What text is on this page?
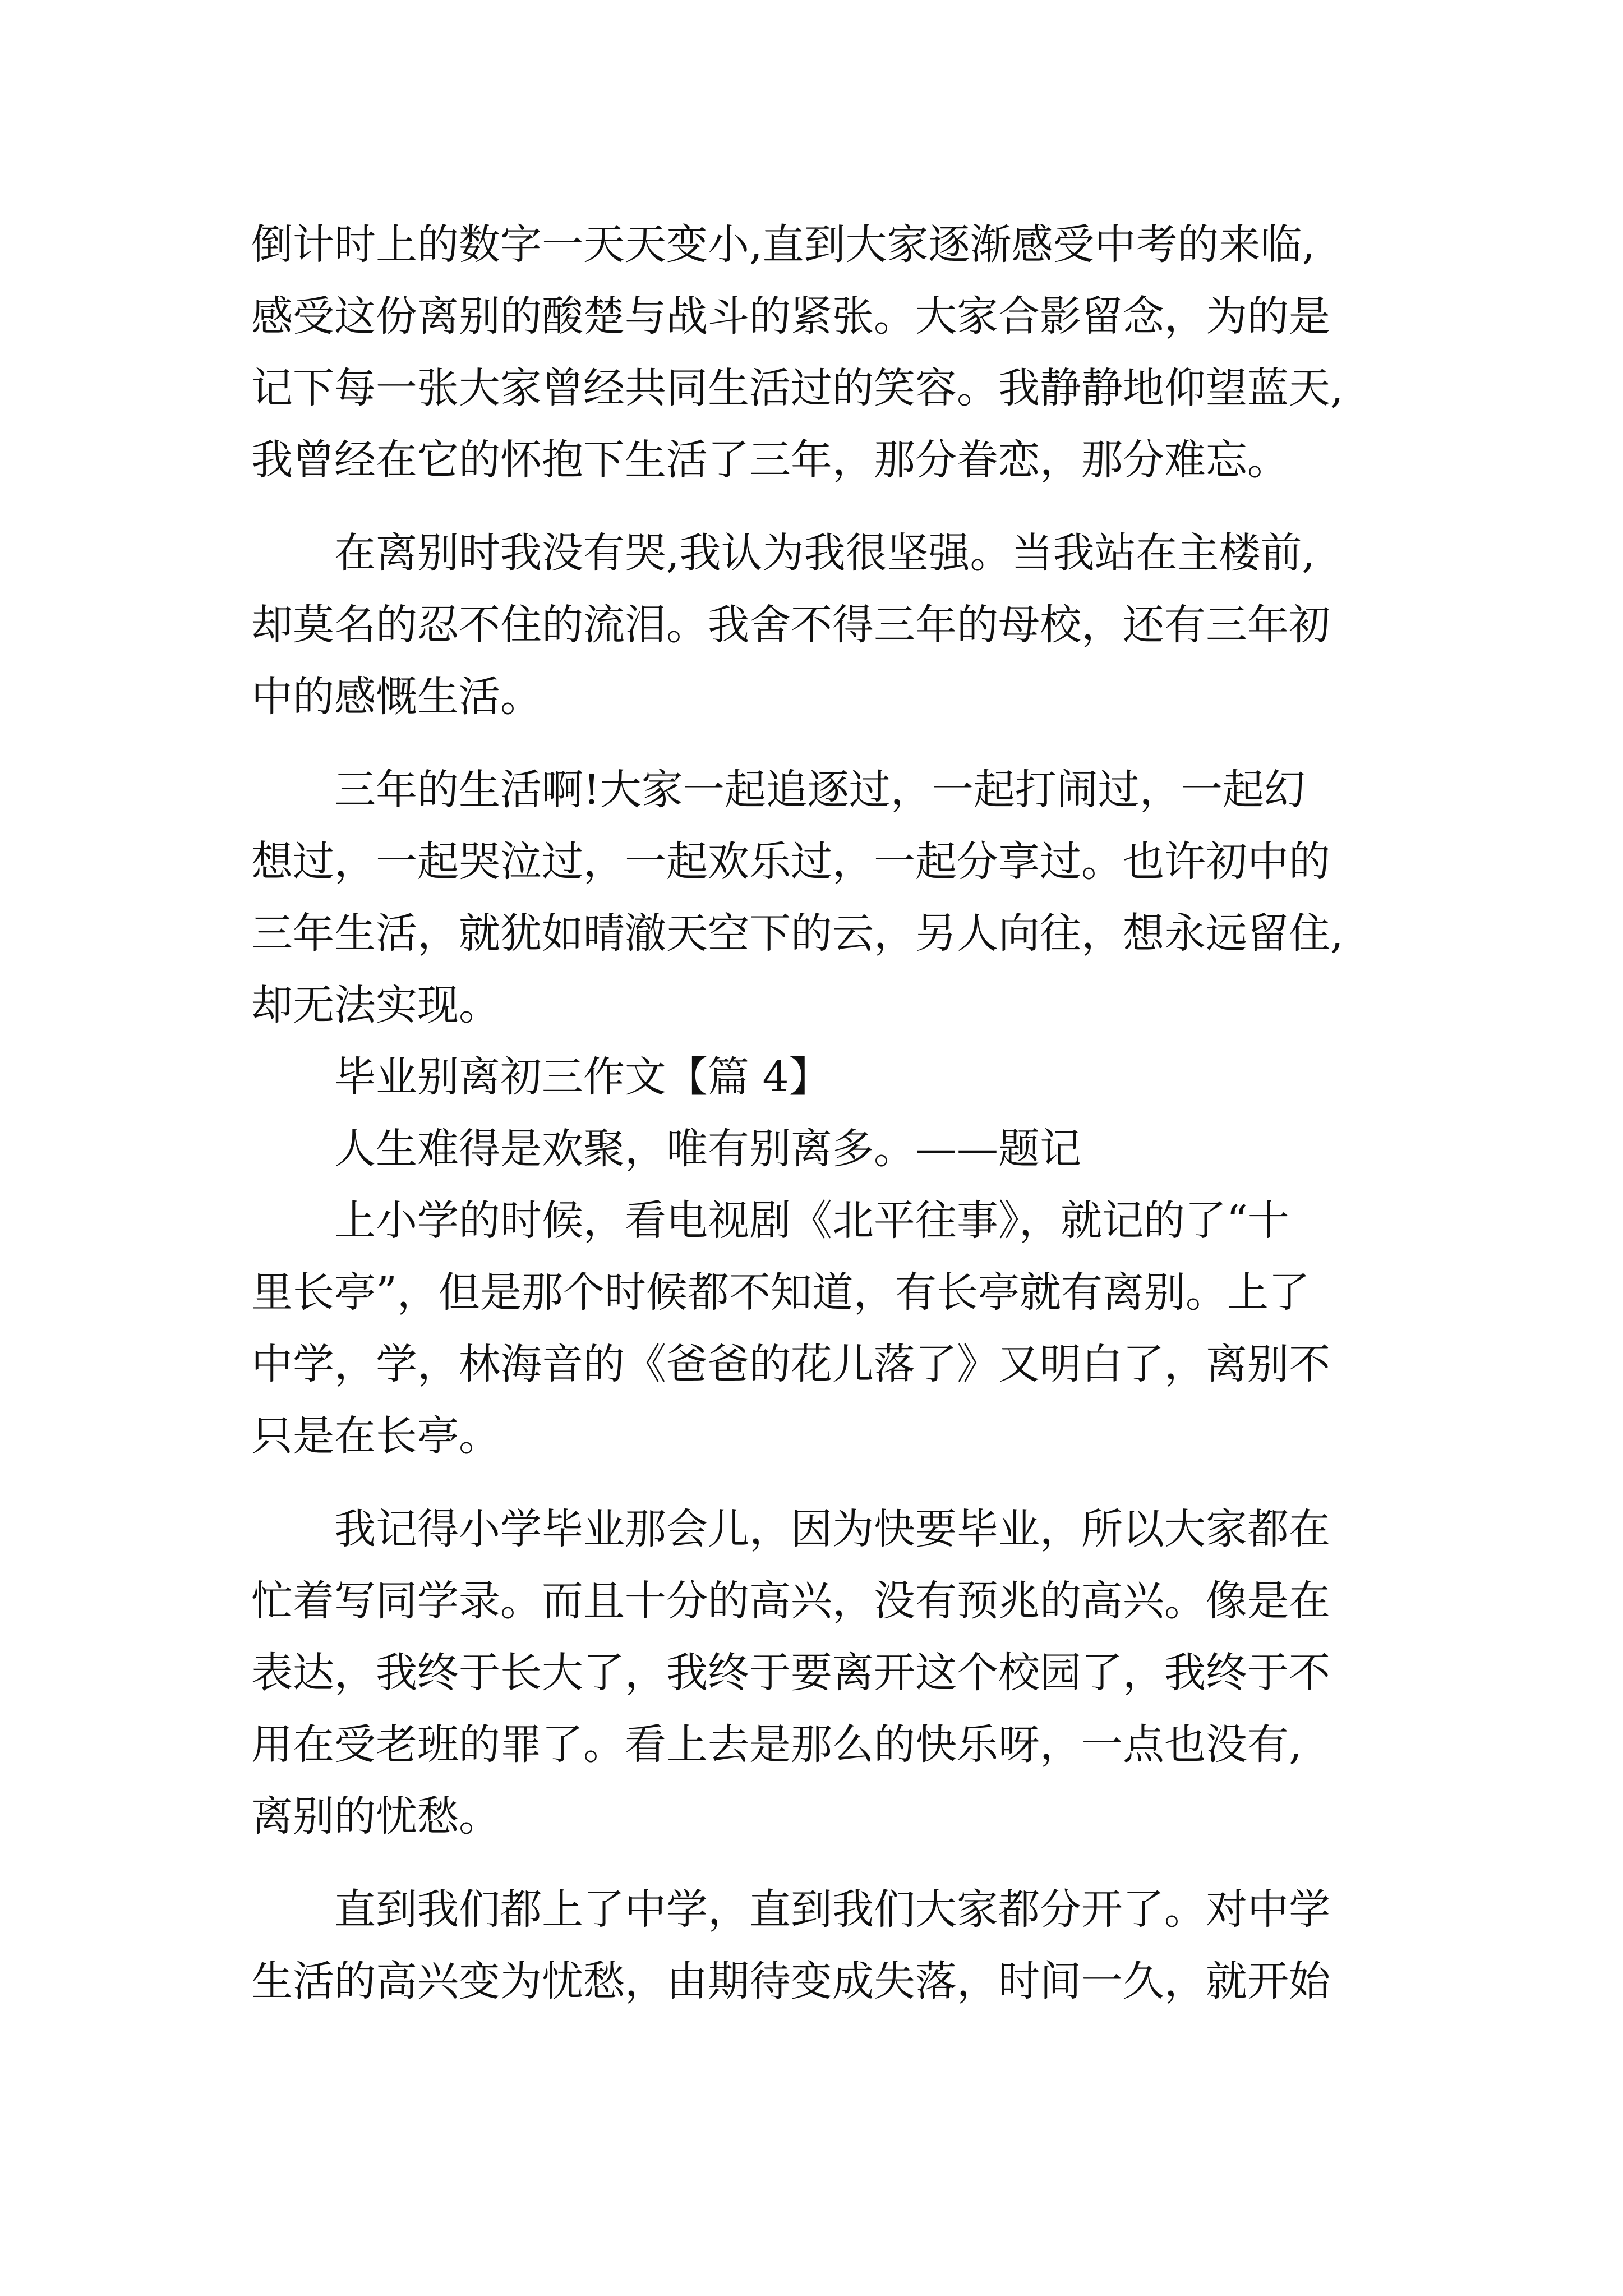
倒计时上的数字一天天变小,直到大家逐渐感受中考的来临,
感受这份离别的酸楚与战斗的紧张。大家合影留念，为的是
记下每一张大家曾经共同生活过的笑容。我静静地仰望蓝天,
我曾经在它的怀抱下生活了三年，那分眷恋，那分难忘。
在离别时我没有哭,我认为我很坚强。当我站在主楼前,
却莫名的忍不住的流泪。我舍不得三年的母校，还有三年初
中的感慨生活。
三年的生活啊!大家一起追逐过，一起打闹过，一起幻
想过，一起哭泣过，一起欢乐过，一起分享过。也许初中的
三年生活，就犹如晴澈天空下的云，另人向往，想永远留住,
却无法实现。
毕业别离初三作文【篇 4】
人生难得是欢聚，唯有别离多。——题记
上小学的时候，看电视剧《北平往事》，就记的了“十
里长亭”，但是那个时候都不知道，有长亭就有离别。上了
中学，学，林海音的《爸爸的花儿落了》又明白了，离别不
只是在长亭。
我记得小学毕业那会儿，因为快要毕业，所以大家都在
忙着写同学录。而且十分的高兴，没有预兆的高兴。像是在
表达，我终于长大了，我终于要离开这个校园了，我终于不
用在受老班的罪了。看上去是那么的快乐呀，一点也没有,
离别的忧愁。
直到我们都上了中学，直到我们大家都分开了。对中学
生活的高兴变为忧愁，由期待变成失落，时间一久，就开始
